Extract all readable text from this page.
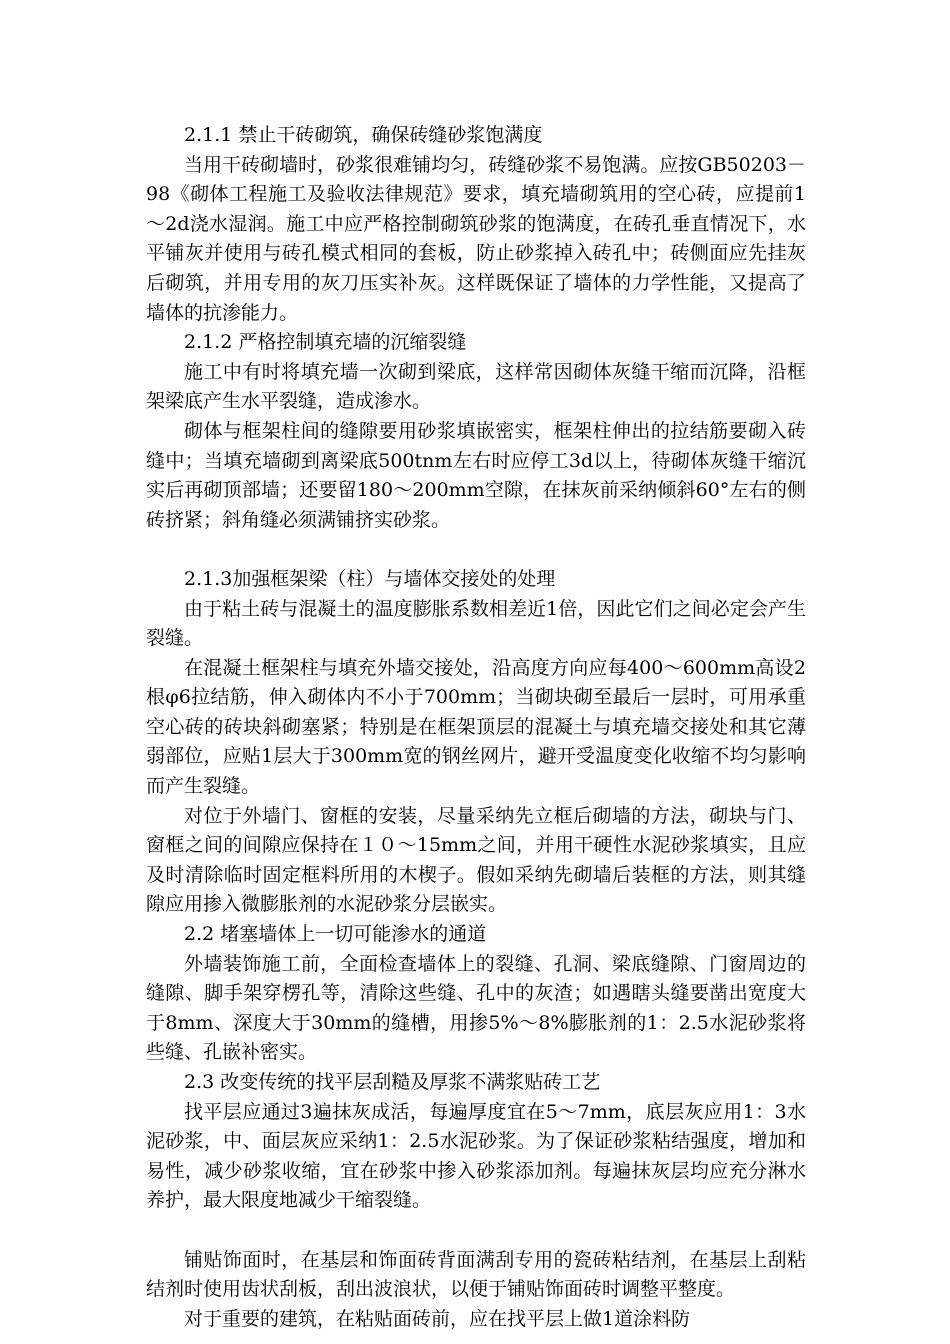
2.1.1 禁止干砖砌筑，确保砖缝砂浆饱满度

当用干砖砌墙时，砂浆很难铺均匀，砖缝砂浆不易饱满。应按GB50203－98《砌体工程施工及验收法律规范》要求，填充墙砌筑用的空心砖，应提前1～2d浇水湿润。施工中应严格控制砌筑砂浆的饱满度，在砖孔垂直情况下，水平铺灰并使用与砖孔模式相同的套板，防止砂浆掉入砖孔中；砖侧面应先挂灰后砌筑，并用专用的灰刀压实补灰。这样既保证了墙体的力学性能，又提高了墙体的抗渗能力。

2.1.2 严格控制填充墙的沉缩裂缝

施工中有时将填充墙一次砌到梁底，这样常因砌体灰缝干缩而沉降，沿框架梁底产生水平裂缝，造成渗水。

砌体与框架柱间的缝隙要用砂浆填嵌密实，框架柱伸出的拉结筋要砌入砖缝中；当填充墙砌到离梁底500tnm左右时应停工3d以上，待砌体灰缝干缩沉实后再砌顶部墙；还要留180～200mm空隙，在抹灰前采纳倾斜60°左右的侧砖挤紧；斜角缝必须满铺挤实砂浆。

2.1.3加强框架梁（柱）与墙体交接处的处理

由于粘土砖与混凝土的温度膨胀系数相差近1倍，因此它们之间必定会产生裂缝。

在混凝土框架柱与填充外墙交接处，沿高度方向应每400～600mm高设2根φ6拉结筋，伸入砌体内不小于700mm；当砌块砌至最后一层时，可用承重空心砖的砖块斜砌塞紧；特别是在框架顶层的混凝土与填充墙交接处和其它薄弱部位，应贴1层大于300mm宽的钢丝网片，避开受温度变化收缩不均匀影响而产生裂缝。

对位于外墙门、窗框的安装，尽量采纳先立框后砌墙的方法，砌块与门、窗框之间的间隙应保持在１０～15mm之间，并用干硬性水泥砂浆填实，且应及时清除临时固定框料所用的木楔子。假如采纳先砌墙后装框的方法，则其缝隙应用掺入微膨胀剂的水泥砂浆分层嵌实。

2.2 堵塞墙体上一切可能渗水的通道

外墙装饰施工前，全面检查墙体上的裂缝、孔洞、梁底缝隙、门窗周边的缝隙、脚手架穿楞孔等，清除这些缝、孔中的灰渣；如遇瞎头缝要凿出宽度大于8mm、深度大于30mm的缝槽，用掺5%～8%膨胀剂的1：2.5水泥砂浆将些缝、孔嵌补密实。

2.3 改变传统的找平层刮糙及厚浆不满浆贴砖工艺

找平层应通过3遍抹灰成活，每遍厚度宜在5～7mm，底层灰应用1：3水泥砂浆，中、面层灰应采纳1：2.5水泥砂浆。为了保证砂浆粘结强度，增加和易性，减少砂浆收缩，宜在砂浆中掺入砂浆添加剂。每遍抹灰层均应充分淋水养护，最大限度地减少干缩裂缝。

铺贴饰面时，在基层和饰面砖背面满刮专用的瓷砖粘结剂，在基层上刮粘结剂时使用齿状刮板，刮出波浪状，以便于铺贴饰面砖时调整平整度。

对于重要的建筑，在粘贴面砖前，应在找平层上做1道涂料防
